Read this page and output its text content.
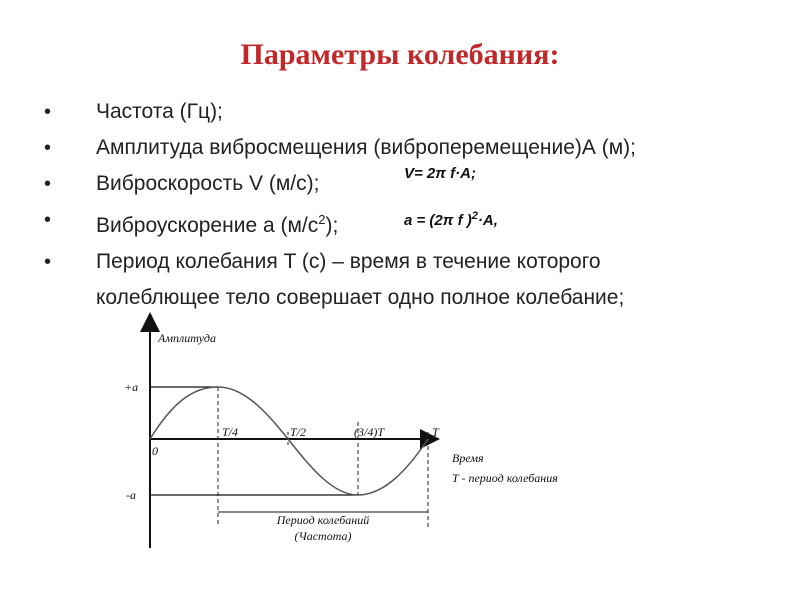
Параметры колебания:
• Частота (Гц);
• Амплитуда вибросмещения (виброперемещение)А (м);
• Виброскорость V (м/с);
• Виброускорение a $(м/с^2)$;
• Период колебания T (с) – время в течение которого
колеблющее тело совершает одно полное колебание;
V= 2π f·A;
a = (2π f )$^2$·A,
Амплитуда
+a
-a
0
T/4	T/2	(3/4)T	T
Время
T - период колебания
Период колебаний
(Частота)
